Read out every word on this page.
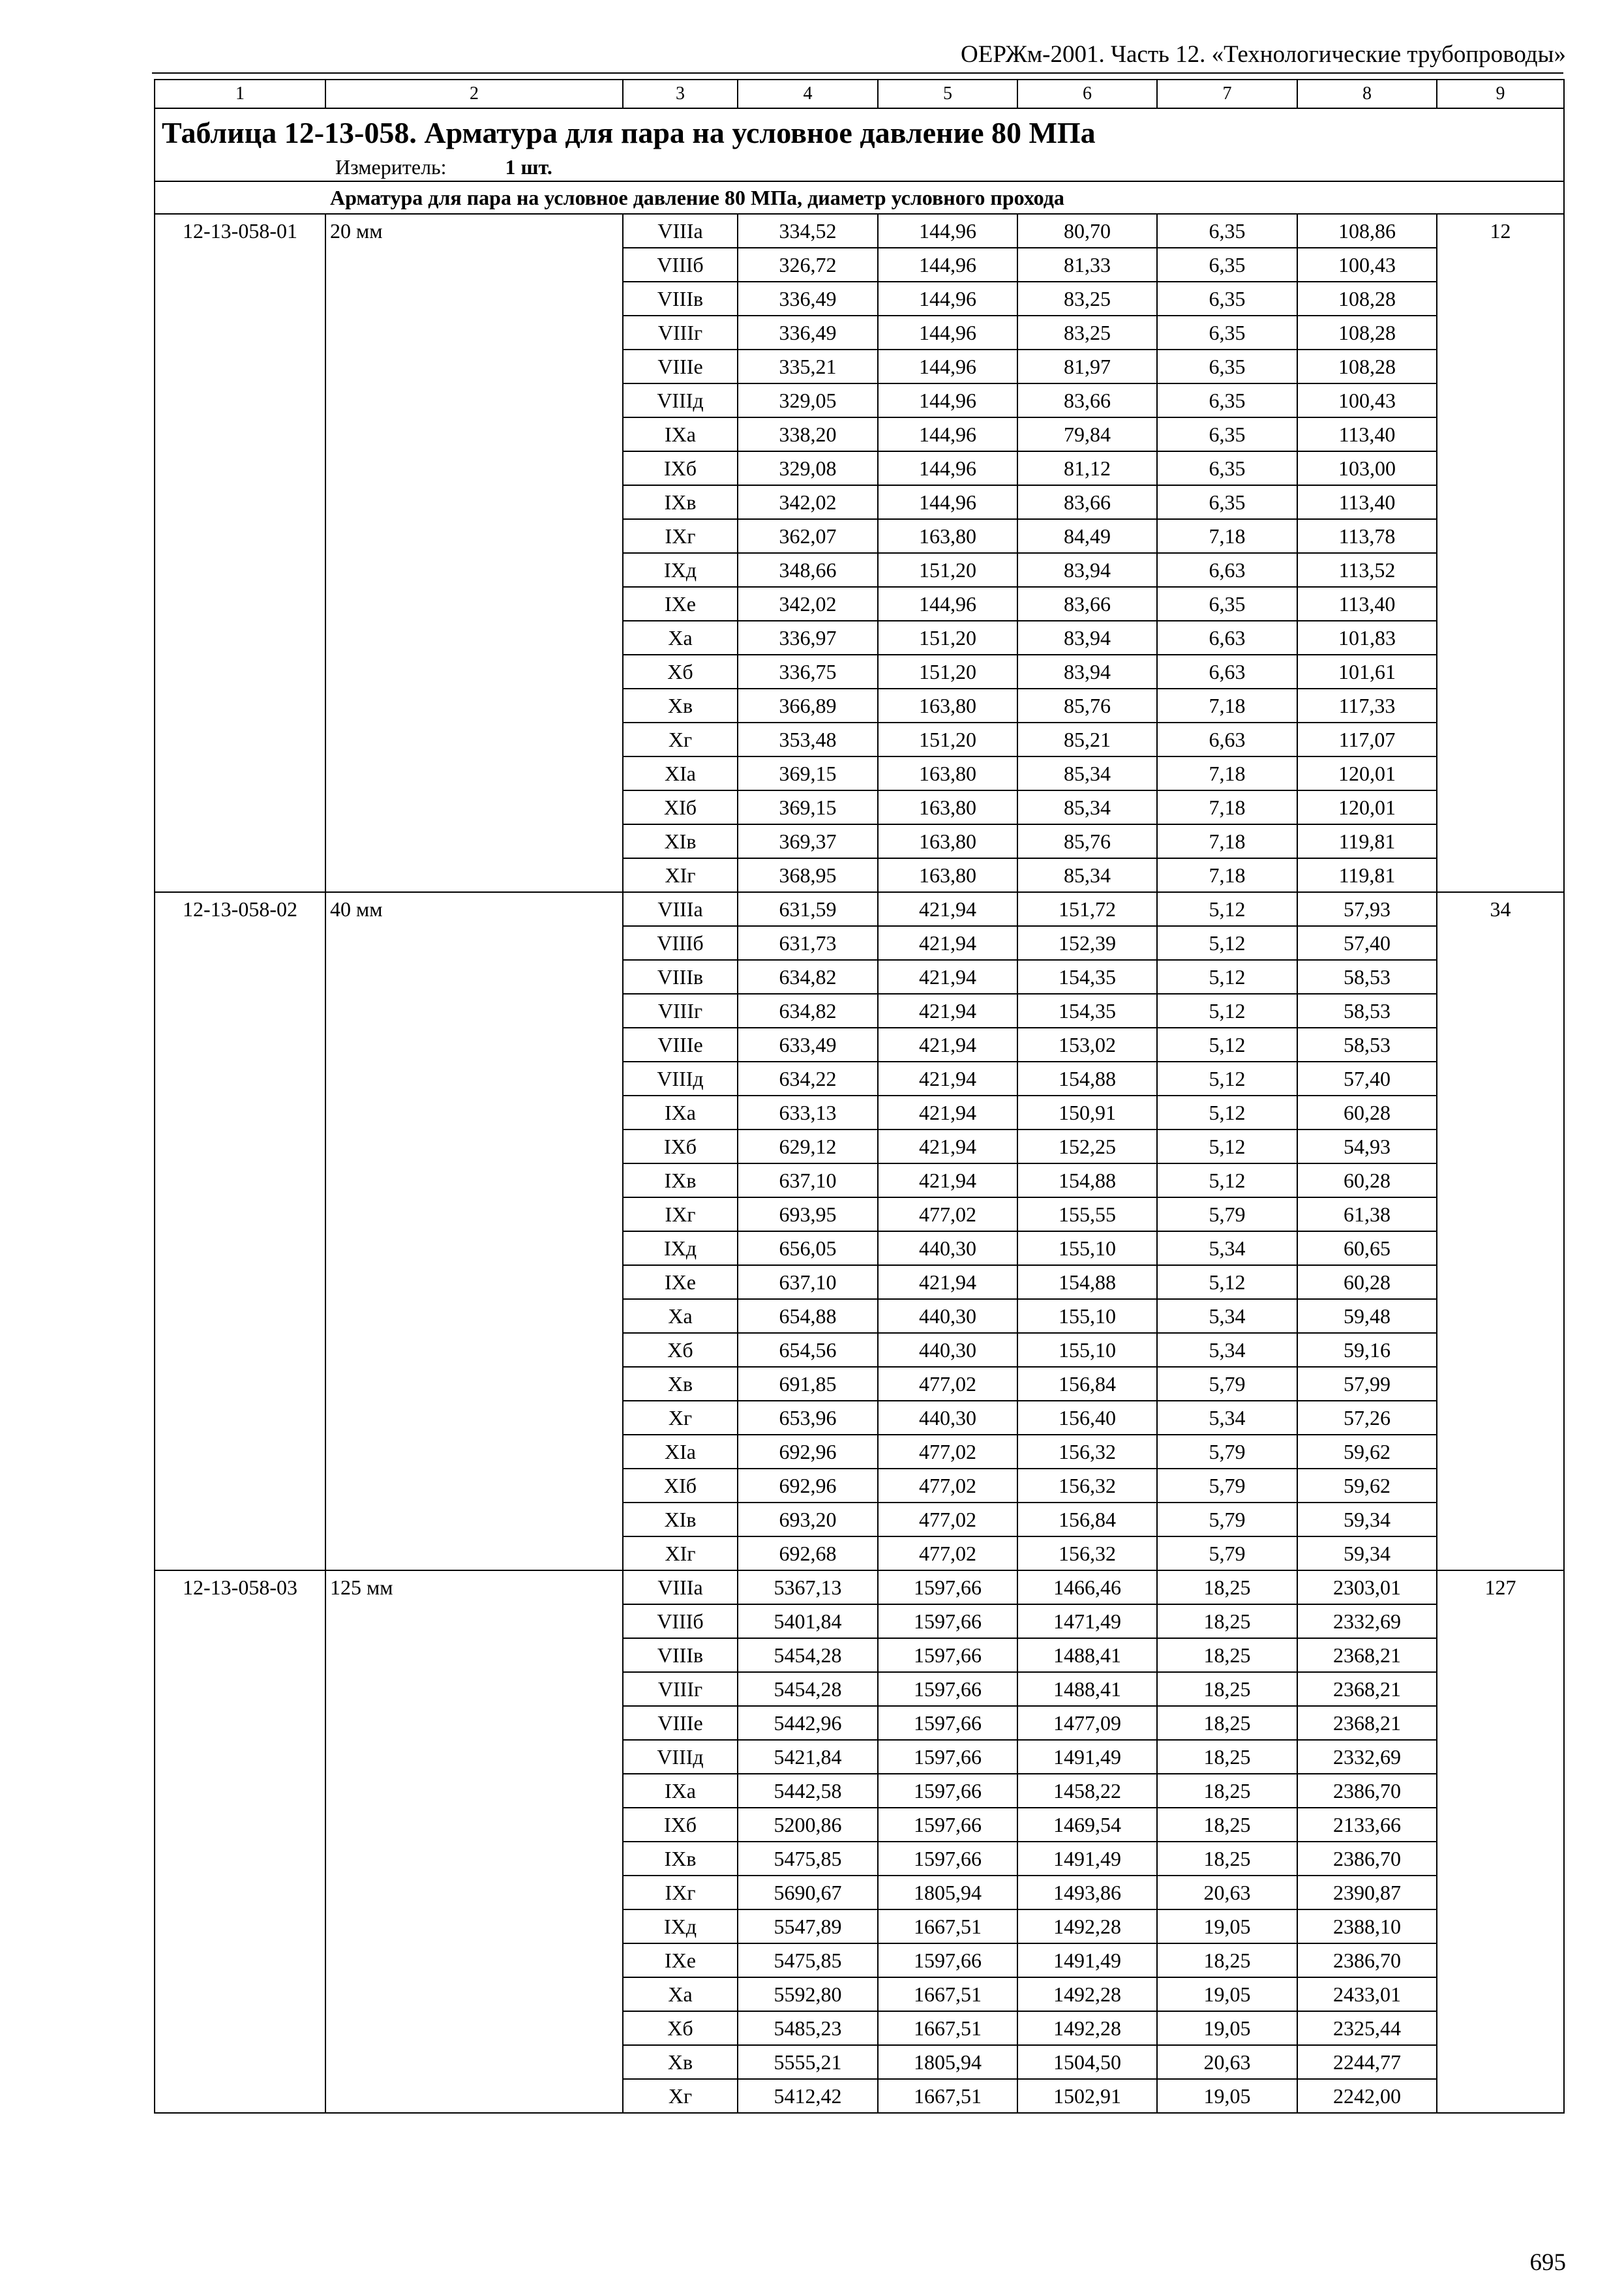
ОЕРЖм-2001. Часть 12. «Технологические трубопроводы»
1	2	3	4	5	6	7	8	9

Таблица 12-13-058. Арматура для пара на условное давление 80 МПа
Измеритель: 1 шт.								

Арматура для пара на условное давление 80 МПа, диаметр условного прохода								
12-13-058-01	20 мм	VIIIа	334,52	144,96	80,70	6,35	108,86	12
		VIIIб	326,72	144,96	81,33	6,35	100,43	
		VIIIв	336,49	144,96	83,25	6,35	108,28	
		VIIIг	336,49	144,96	83,25	6,35	108,28	
		VIIIе	335,21	144,96	81,97	6,35	108,28	
		VIIIд	329,05	144,96	83,66	6,35	100,43	
		IXа	338,20	144,96	79,84	6,35	113,40	
		IXб	329,08	144,96	81,12	6,35	103,00	
		IXв	342,02	144,96	83,66	6,35	113,40	
		IXг	362,07	163,80	84,49	7,18	113,78	
		IXд	348,66	151,20	83,94	6,63	113,52	
		IXе	342,02	144,96	83,66	6,35	113,40	
		Xа	336,97	151,20	83,94	6,63	101,83	
		Xб	336,75	151,20	83,94	6,63	101,61	
		Xв	366,89	163,80	85,76	7,18	117,33	
		Xг	353,48	151,20	85,21	6,63	117,07	
		XIа	369,15	163,80	85,34	7,18	120,01	
		XIб	369,15	163,80	85,34	7,18	120,01	
		XIв	369,37	163,80	85,76	7,18	119,81	
		XIг	368,95	163,80	85,34	7,18	119,81	
12-13-058-02	40 мм	VIIIа	631,59	421,94	151,72	5,12	57,93	34
		VIIIб	631,73	421,94	152,39	5,12	57,40	
		VIIIв	634,82	421,94	154,35	5,12	58,53	
		VIIIг	634,82	421,94	154,35	5,12	58,53	
		VIIIе	633,49	421,94	153,02	5,12	58,53	
		VIIIд	634,22	421,94	154,88	5,12	57,40	
		IXа	633,13	421,94	150,91	5,12	60,28	
		IXб	629,12	421,94	152,25	5,12	54,93	
		IXв	637,10	421,94	154,88	5,12	60,28	
		IXг	693,95	477,02	155,55	5,79	61,38	
		IXд	656,05	440,30	155,10	5,34	60,65	
		IXе	637,10	421,94	154,88	5,12	60,28	
		Xа	654,88	440,30	155,10	5,34	59,48	
		Xб	654,56	440,30	155,10	5,34	59,16	
		Xв	691,85	477,02	156,84	5,79	57,99	
		Xг	653,96	440,30	156,40	5,34	57,26	
		XIа	692,96	477,02	156,32	5,79	59,62	
		XIб	692,96	477,02	156,32	5,79	59,62	
		XIв	693,20	477,02	156,84	5,79	59,34	
		XIг	692,68	477,02	156,32	5,79	59,34	
12-13-058-03	125 мм	VIIIа	5367,13	1597,66	1466,46	18,25	2303,01	127
		VIIIб	5401,84	1597,66	1471,49	18,25	2332,69	
		VIIIв	5454,28	1597,66	1488,41	18,25	2368,21	
		VIIIг	5454,28	1597,66	1488,41	18,25	2368,21	
		VIIIе	5442,96	1597,66	1477,09	18,25	2368,21	
		VIIIд	5421,84	1597,66	1491,49	18,25	2332,69	
		IXа	5442,58	1597,66	1458,22	18,25	2386,70	
		IXб	5200,86	1597,66	1469,54	18,25	2133,66	
		IXв	5475,85	1597,66	1491,49	18,25	2386,70	
		IXг	5690,67	1805,94	1493,86	20,63	2390,87	
		IXд	5547,89	1667,51	1492,28	19,05	2388,10	
		IXе	5475,85	1597,66	1491,49	18,25	2386,70	
		Xа	5592,80	1667,51	1492,28	19,05	2433,01	
		Xб	5485,23	1667,51	1492,28	19,05	2325,44	
		Xв	5555,21	1805,94	1504,50	20,63	2244,77	
		Xг	5412,42	1667,51	1502,91	19,05	2242,00	
695
